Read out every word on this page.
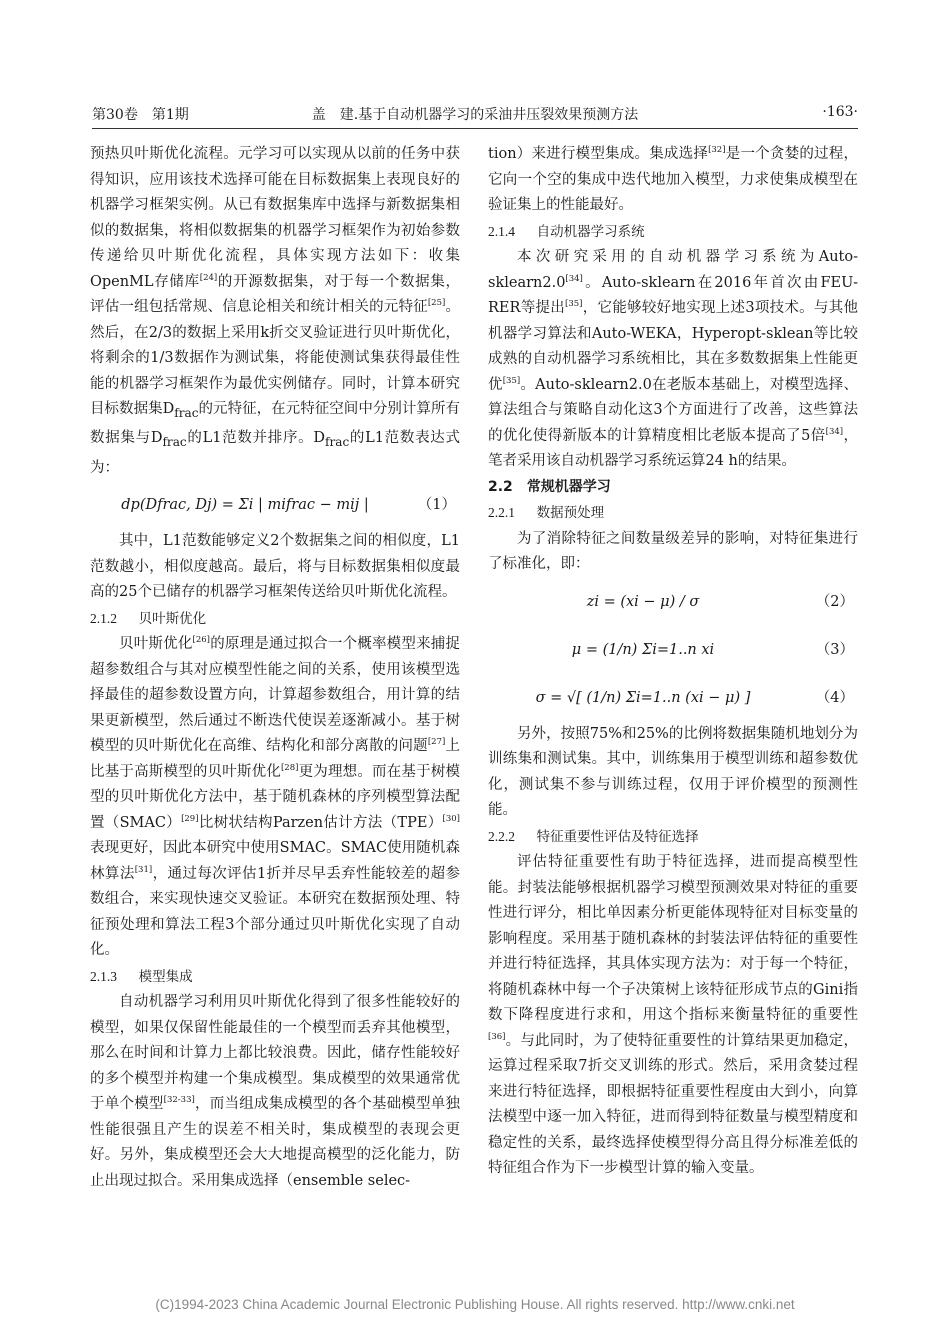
第30卷　第1期	盖　建.基于自动机器学习的采油井压裂效果预测方法	·163·

预热贝叶斯优化流程。元学习可以实现从以前的任务中获得知识，应用该技术选择可能在目标数据集上表现良好的机器学习框架实例。从已有数据集库中选择与新数据集相似的数据集，将相似数据集的机器学习框架作为初始参数传递给贝叶斯优化流程，具体实现方法如下：收集OpenML存储库[24]的开源数据集，对于每一个数据集，评估一组包括常规、信息论相关和统计相关的元特征[25]。然后，在2/3的数据上采用k折交叉验证进行贝叶斯优化，将剩余的1/3数据作为测试集，将能使测试集获得最佳性能的机器学习框架作为最优实例储存。同时，计算本研究目标数据集$D_{frac}$的元特征，在元特征空间中分别计算所有数据集与$D_{frac}$的L1范数并排序。$D_{frac}$的L1范数表达式为：

dp(Dfrac, Dj) = Σi | mifrac − mij |	（1）

其中，L1范数能够定义2个数据集之间的相似度，L1范数越小，相似度越高。最后，将与目标数据集相似度最高的25个已储存的机器学习框架传送给贝叶斯优化流程。

2.1.2 贝叶斯优化

贝叶斯优化[26]的原理是通过拟合一个概率模型来捕捉超参数组合与其对应模型性能之间的关系，使用该模型选择最佳的超参数设置方向，计算超参数组合，用计算的结果更新模型，然后通过不断迭代使误差逐渐减小。基于树模型的贝叶斯优化在高维、结构化和部分离散的问题[27]上比基于高斯模型的贝叶斯优化[28]更为理想。而在基于树模型的贝叶斯优化方法中，基于随机森林的序列模型算法配置（SMAC）[29]比树状结构Parzen估计方法（TPE）[30]表现更好，因此本研究中使用SMAC。SMAC使用随机森林算法[31]，通过每次评估1折并尽早丢弃性能较差的超参数组合，来实现快速交叉验证。本研究在数据预处理、特征预处理和算法工程3个部分通过贝叶斯优化实现了自动化。

2.1.3 模型集成

自动机器学习利用贝叶斯优化得到了很多性能较好的模型，如果仅保留性能最佳的一个模型而丢弃其他模型，那么在时间和计算力上都比较浪费。因此，储存性能较好的多个模型并构建一个集成模型。集成模型的效果通常优于单个模型[32-33]，而当组成集成模型的各个基础模型单独性能很强且产生的误差不相关时，集成模型的表现会更好。另外，集成模型还会大大地提高模型的泛化能力，防止出现过拟合。采用集成选择（ensemble selec-

tion）来进行模型集成。集成选择[32]是一个贪婪的过程，它向一个空的集成中迭代地加入模型，力求使集成模型在验证集上的性能最好。

2.1.4 自动机器学习系统

本次研究采用的自动机器学习系统为Auto-sklearn2.0[34]。Auto-sklearn在2016年首次由FEU-RER等提出[35]，它能够较好地实现上述3项技术。与其他机器学习算法和Auto-WEKA，Hyperopt-sklean等比较成熟的自动机器学习系统相比，其在多数数据集上性能更优[35]。Auto-sklearn2.0在老版本基础上，对模型选择、算法组合与策略自动化这3个方面进行了改善，这些算法的优化使得新版本的计算精度相比老版本提高了5倍[34]，笔者采用该自动机器学习系统运算24 h的结果。

2.2 常规机器学习

2.2.1 数据预处理

为了消除特征之间数量级差异的影响，对特征集进行了标准化，即：

zi = (xi − μ) / σ	（2）
μ = (1/n) Σi=1..n xi	（3）
σ = √[ (1/n) Σi=1..n (xi − μ) ]	（4）

另外，按照75%和25%的比例将数据集随机地划分为训练集和测试集。其中，训练集用于模型训练和超参数优化，测试集不参与训练过程，仅用于评价模型的预测性能。

2.2.2 特征重要性评估及特征选择

评估特征重要性有助于特征选择，进而提高模型性能。封装法能够根据机器学习模型预测效果对特征的重要性进行评分，相比单因素分析更能体现特征对目标变量的影响程度。采用基于随机森林的封装法评估特征的重要性并进行特征选择，其具体实现方法为：对于每一个特征，将随机森林中每一个子决策树上该特征形成节点的Gini指数下降程度进行求和，用这个指标来衡量特征的重要性[36]。与此同时，为了使特征重要性的计算结果更加稳定，运算过程采取7折交叉训练的形式。然后，采用贪婪过程来进行特征选择，即根据特征重要性程度由大到小，向算法模型中逐一加入特征，进而得到特征数量与模型精度和稳定性的关系，最终选择使模型得分高且得分标准差低的特征组合作为下一步模型计算的输入变量。

(C)1994-2023 China Academic Journal Electronic Publishing House. All rights reserved. http://www.cnki.net
